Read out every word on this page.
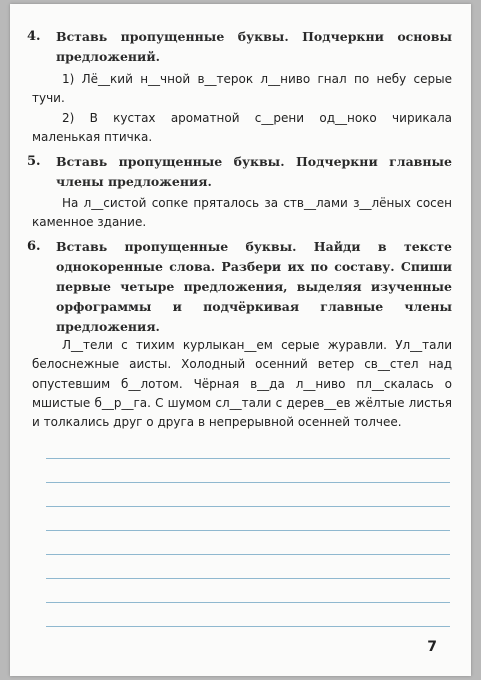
4. Вставь пропущенные буквы. Подчеркни основы предложений.

1) Лё__кий н__чной в__терок л__ниво гнал по небу серые тучи.

2) В кустах ароматной с__рени од__ноко чирикала маленькая птичка.

5. Вставь пропущенные буквы. Подчеркни главные члены предложения.

На л__систой сопке пряталось за ств__лами з__лёных сосен каменное здание.

6. Вставь пропущенные буквы. Найди в тексте однокоренные слова. Разбери их по составу. Спиши первые четыре предложения, выделяя изученные орфограммы и подчёркивая главные члены предложения.

Л__тели с тихим курлыкан__ем серые журавли. Ул__тали белоснежные аисты. Холодный осенний ветер св__стел над опустевшим б__лотом. Чёрная в__да л__ниво пл__скалась о мшистые б__р__га. С шумом сл__тали с дерев__ев жёлтые листья и толкались друг о друга в непрерывной осенней толчее.

7
